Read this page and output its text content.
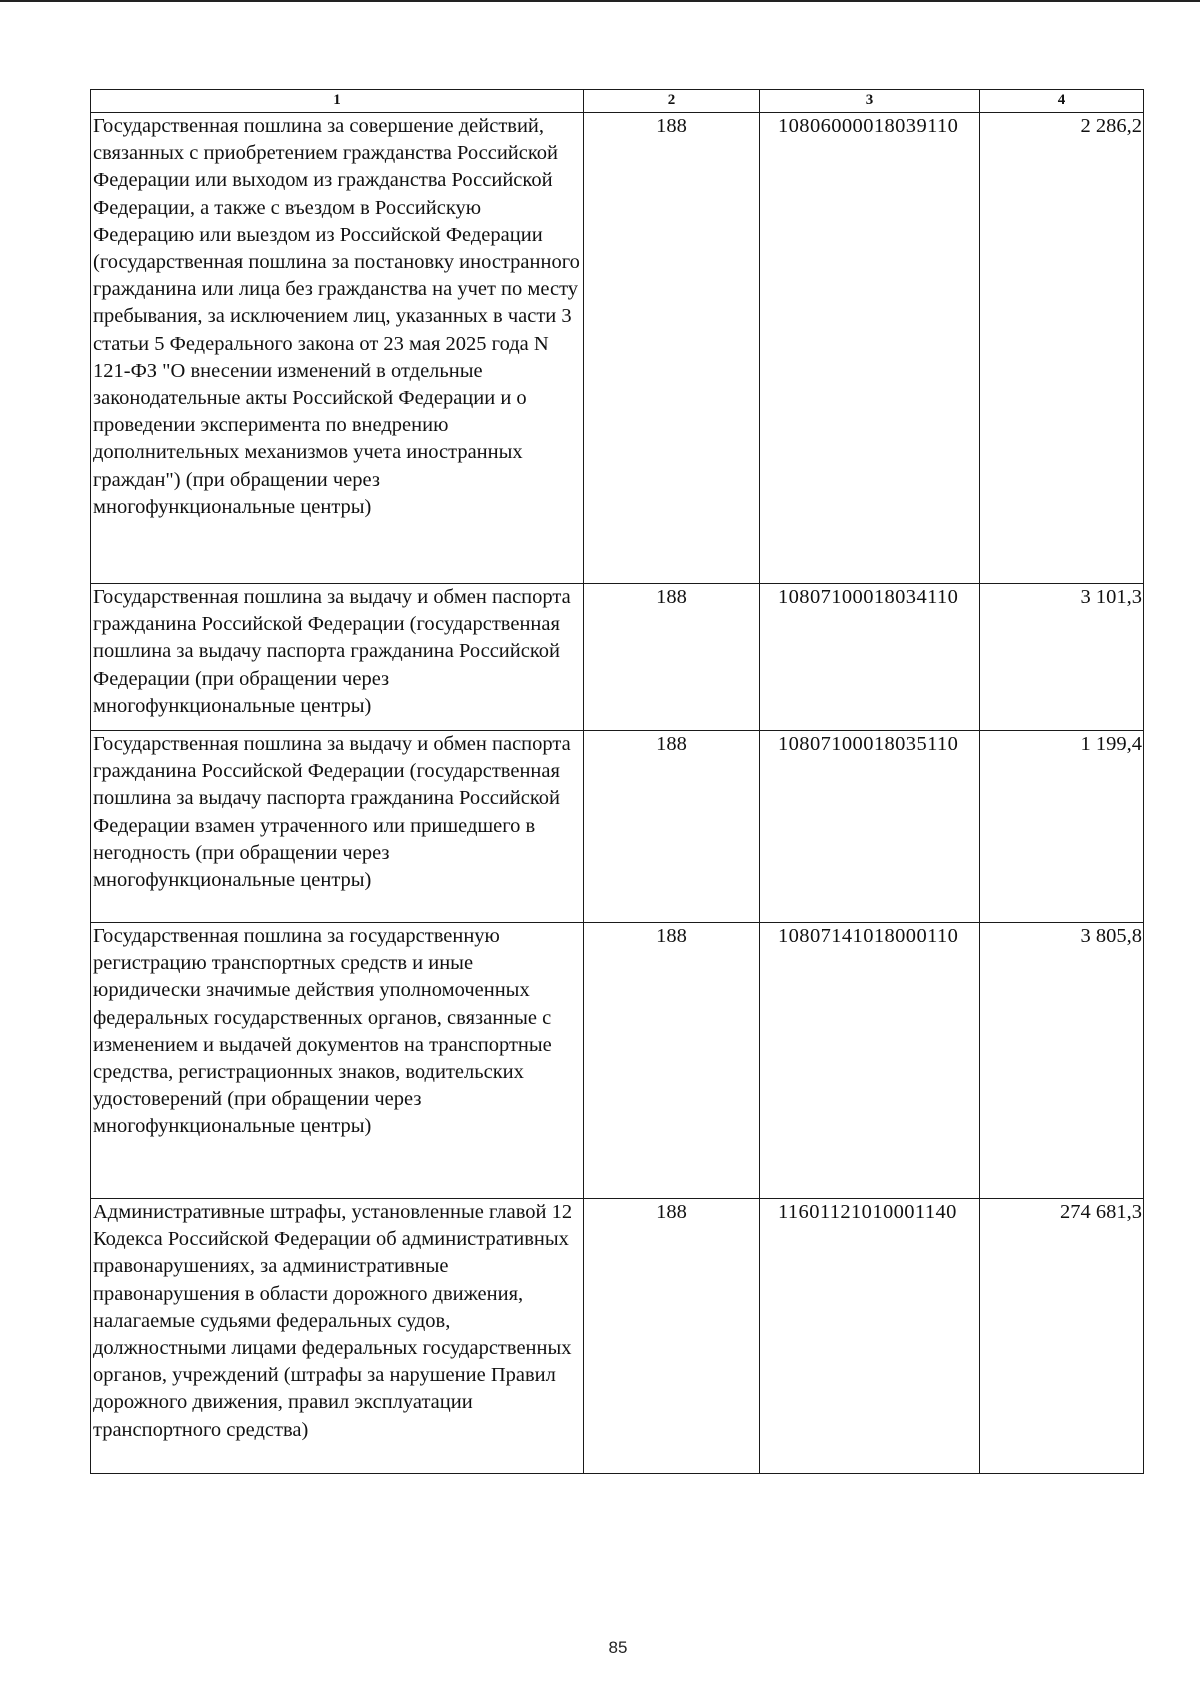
1	2	3	4
Государственная пошлина за совершение действий, связанных с приобретением гражданства Российской Федерации или выходом из гражданства Российской Федерации, а также с въездом в Российскую Федерацию или выездом из Российской Федерации (государственная пошлина за постановку иностранного гражданина или лица без гражданства на учет по месту пребывания, за исключением лиц, указанных в части 3 статьи 5 Федерального закона от 23 мая 2025 года N 121-ФЗ "О внесении изменений в отдельные законодательные акты Российской Федерации и о проведении эксперимента по внедрению дополнительных механизмов учета иностранных граждан") (при обращении через многофункциональные центры)	188	10806000018039110	2 286,2
Государственная пошлина за выдачу и обмен паспорта гражданина Российской Федерации (государственная пошлина за выдачу паспорта гражданина Российской Федерации (при обращении через многофункциональные центры)	188	10807100018034110	3 101,3
Государственная пошлина за выдачу и обмен паспорта гражданина Российской Федерации (государственная пошлина за выдачу паспорта гражданина Российской Федерации взамен утраченного или пришедшего в негодность (при обращении через многофункциональные центры)	188	10807100018035110	1 199,4
Государственная пошлина за государственную регистрацию транспортных средств и иные юридически значимые действия уполномоченных федеральных государственных органов, связанные с изменением и выдачей документов на транспортные средства, регистрационных знаков, водительских удостоверений (при обращении через многофункциональные центры)	188	10807141018000110	3 805,8
Административные штрафы, установленные главой 12 Кодекса Российской Федерации об административных правонарушениях, за административные правонарушения в области дорожного движения, налагаемые судьями федеральных судов, должностными лицами федеральных государственных органов, учреждений (штрафы за нарушение Правил дорожного движения, правил эксплуатации транспортного средства)	188	11601121010001140	274 681,3
85
